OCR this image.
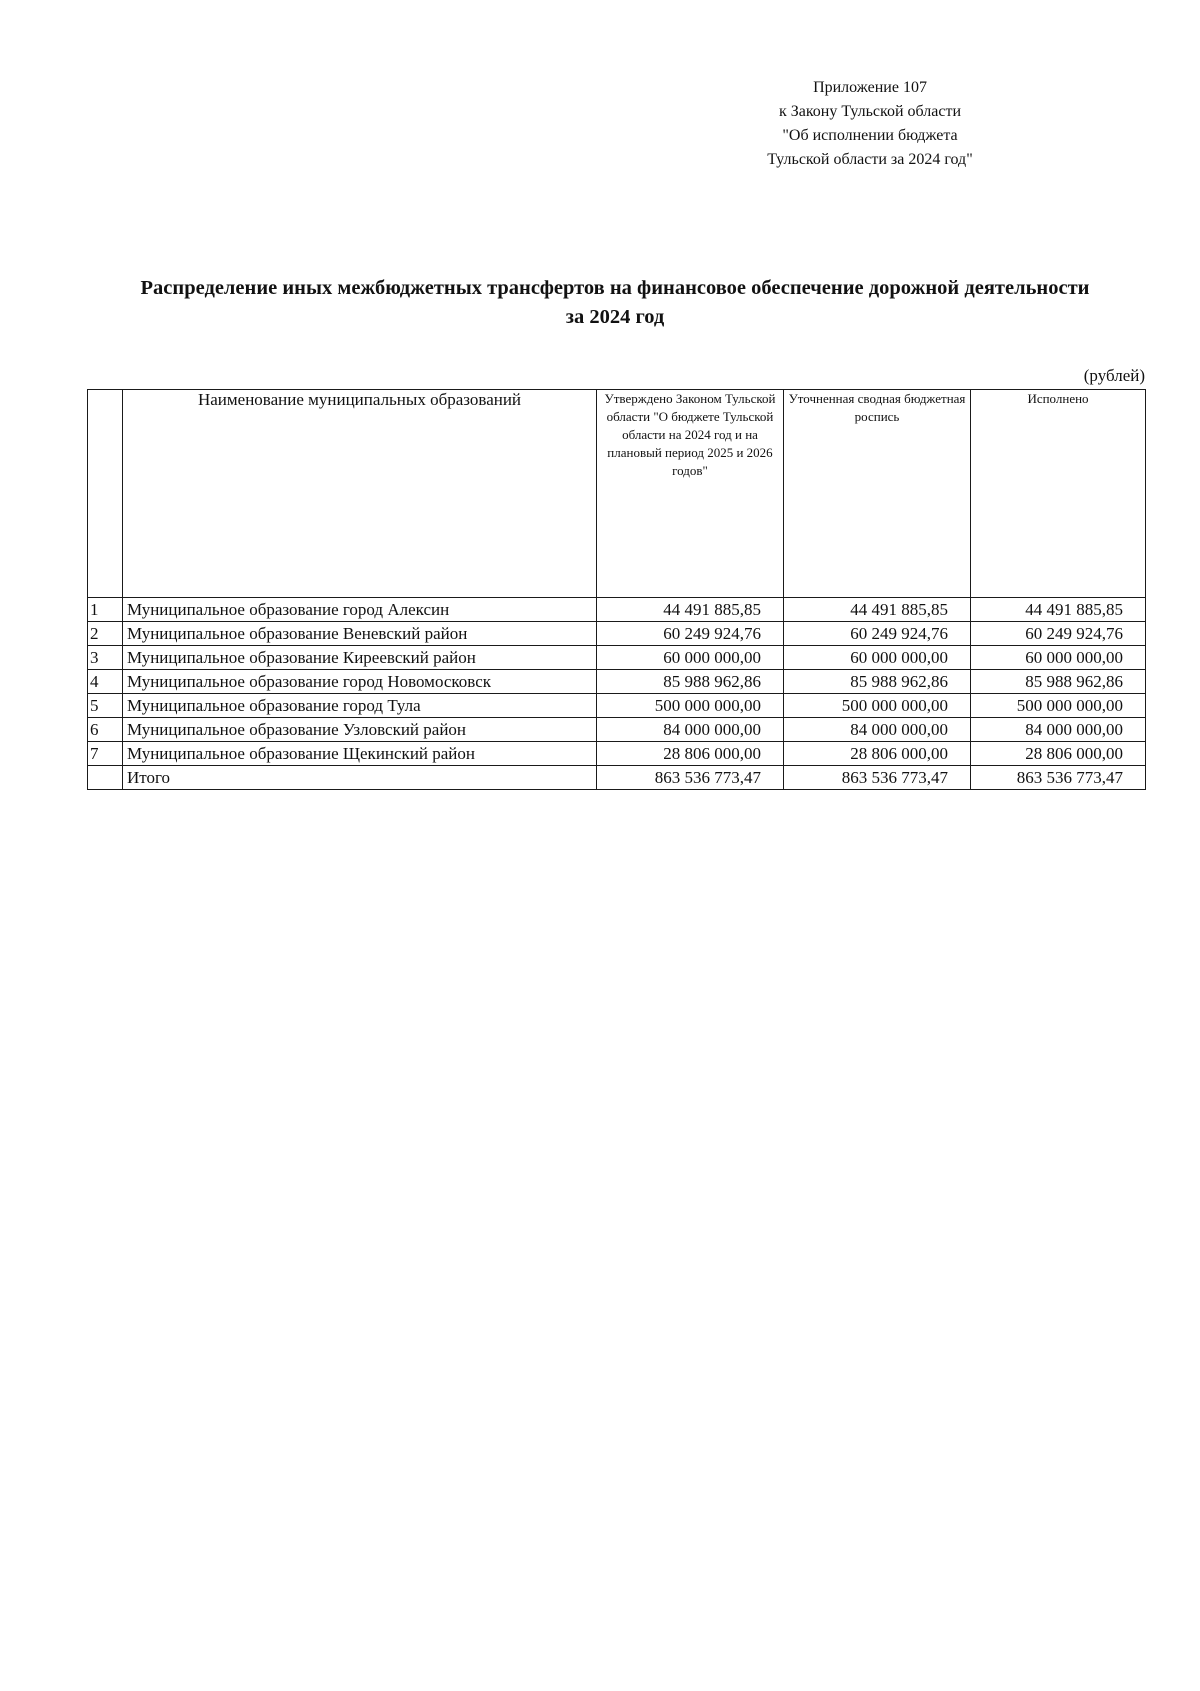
Приложение 107
к Закону Тульской области
"Об исполнении бюджета
Тульской области за 2024 год"
Распределение иных межбюджетных трансфертов на финансовое обеспечение дорожной деятельности
за 2024 год
(рублей)
	Наименование муниципальных образований	Утверждено Законом Тульской области "О бюджете Тульской области на 2024 год и на плановый период 2025 и 2026 годов"	Уточненная сводная бюджетная роспись	Исполнено
1	Муниципальное образование город Алексин	44 491 885,85	44 491 885,85	44 491 885,85
2	Муниципальное образование Веневский район	60 249 924,76	60 249 924,76	60 249 924,76
3	Муниципальное образование Киреевский район	60 000 000,00	60 000 000,00	60 000 000,00
4	Муниципальное образование город Новомосковск	85 988 962,86	85 988 962,86	85 988 962,86
5	Муниципальное образование город Тула	500 000 000,00	500 000 000,00	500 000 000,00
6	Муниципальное образование Узловский район	84 000 000,00	84 000 000,00	84 000 000,00
7	Муниципальное образование Щекинский район	28 806 000,00	28 806 000,00	28 806 000,00
	Итого	863 536 773,47	863 536 773,47	863 536 773,47
